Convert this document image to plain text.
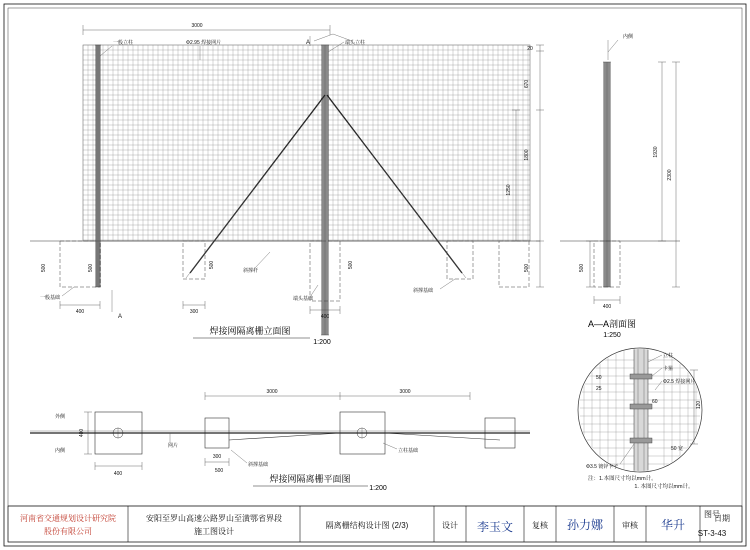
3000
500	500	500	500
20
670
1800
1250
500
400	300
400
A
A
一般立柱	Φ2.95 焊接网片	端头立柱
斜撑杆
端头基础
斜撑基础
一般基础
焊接网隔离栅立面图
1:200
内侧
1930
2300
500
400
A—A剖面图
1:250
3000	3000
外侧
内侧
400
400
300
500
网片
斜撑基础
立柱基础
焊接网隔离栅平面图
1:200
立柱
卡箍
Φ2.5 焊接网片
Φ3.5 镀锌卡子
50 宽
120
50
25
60
1. 本图尺寸均以mm计。
注：1.本图尺寸均以mm计。
河南省交通规划设计研究院
股份有限公司
安阳至罗山高速公路罗山至潢鄂省界段
施工图设计
隔离栅结构设计图 (2/3)	设计 李玉文 复核 孙力娜 审核 华升
图号
ST-3-43
日期
